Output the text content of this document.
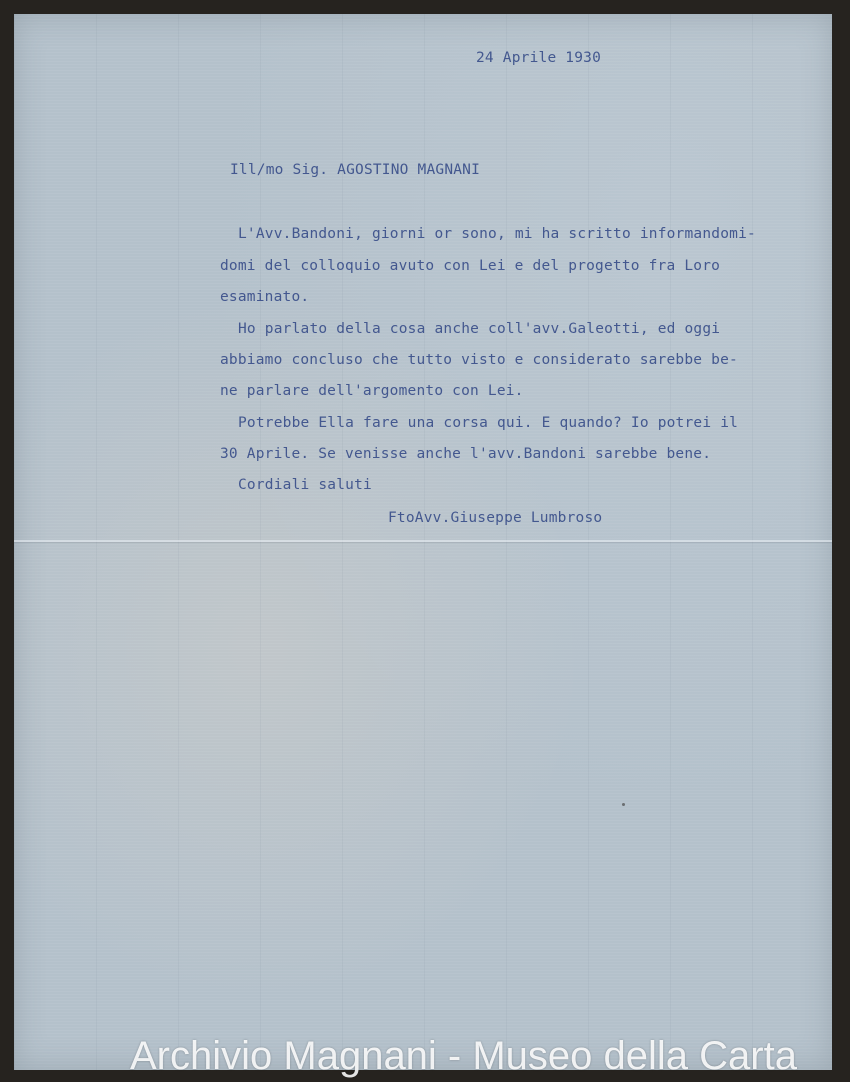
24 Aprile 1930
Ill/mo Sig. AGOSTINO MAGNANI
L'Avv.Bandoni, giorni or sono, mi ha scritto informandomi-
domi del colloquio avuto con Lei e del progetto fra Loro
esaminato.
Ho parlato della cosa anche coll'avv.Galeotti, ed oggi
abbiamo concluso che tutto visto e considerato sarebbe be-
ne parlare dell'argomento con Lei.
Potrebbe Ella fare una corsa qui. E quando? Io potrei il
30 Aprile. Se venisse anche l'avv.Bandoni sarebbe bene.
Cordiali saluti
FtoAvv.Giuseppe Lumbroso
Archivio Magnani - Museo della Carta
